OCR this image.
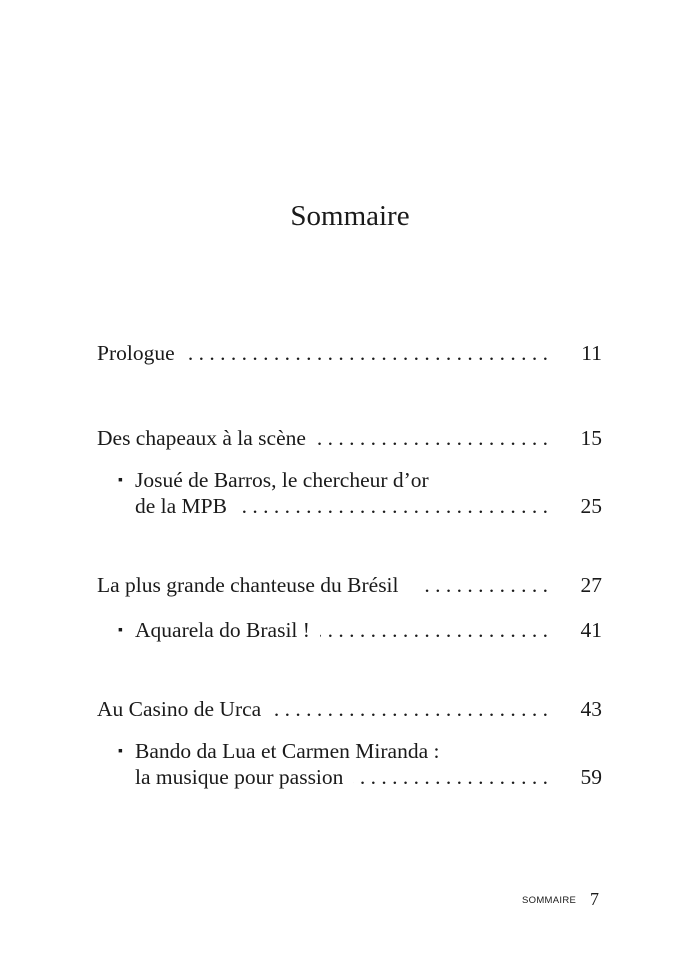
Sommaire
Prologue . . .	11
Des chapeaux à la scène . . .	15
▪ Josué de Barros, le chercheur d’or
de la MPB . . .	25
La plus grande chanteuse du Brésil . . .	27
▪ Aquarela do Brasil ! . . .	41
Au Casino de Urca . . .	43
▪ Bando da Lua et Carmen Miranda :
la musique pour passion . . .	59
SOMMAIRE 7
